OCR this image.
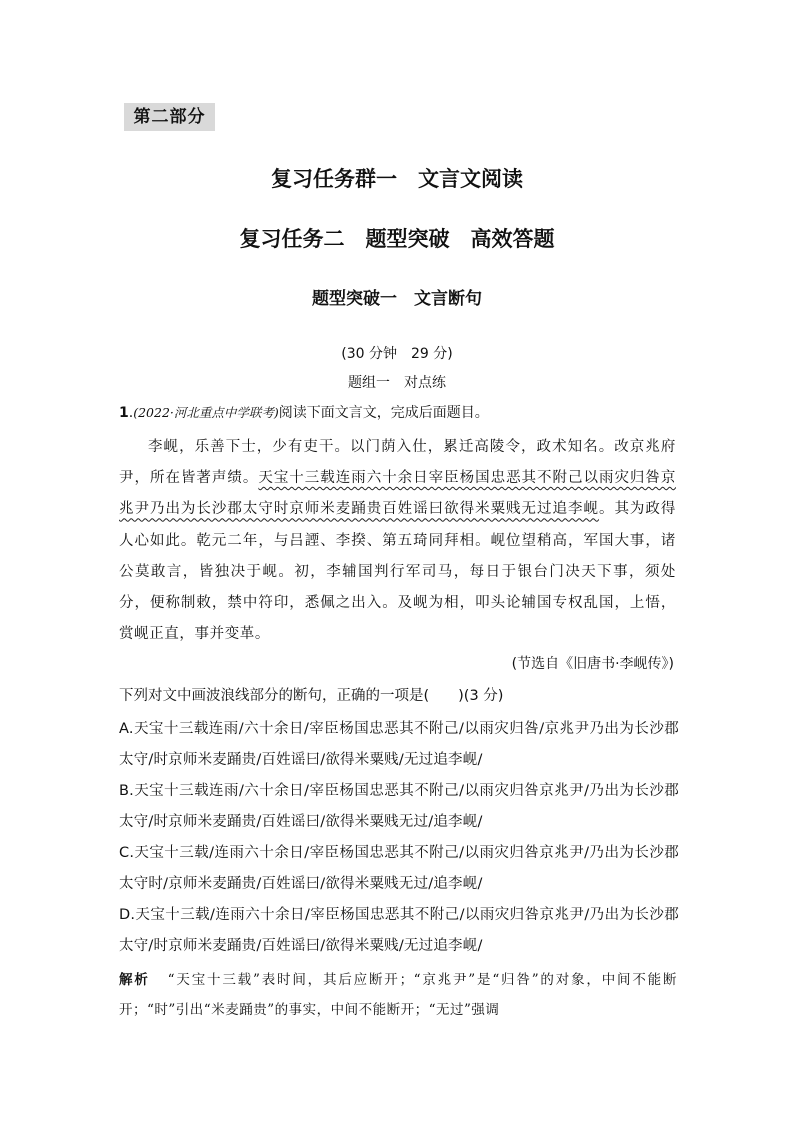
第二部分
复习任务群一　文言文阅读
复习任务二　题型突破　高效答题
题型突破一　文言断句
(30 分钟　29 分)
题组一　对点练
1.(2022·河北重点中学联考)阅读下面文言文，完成后面题目。
李岘，乐善下士，少有吏干。以门荫入仕，累迁高陵令，政术知名。改京兆府尹，所在皆著声绩。天宝十三载连雨六十余日宰臣杨国忠恶其不附己以雨灾归咎京兆尹乃出为长沙郡太守时京师米麦踊贵百姓谣曰欲得米粟贱无过追李岘。其为政得人心如此。乾元二年，与吕諲、李揆、第五琦同拜相。岘位望稍高，军国大事，诸公莫敢言，皆独决于岘。初，李辅国判行军司马，每日于银台门决天下事，须处分，便称制敕，禁中符印，悉佩之出入。及岘为相，叩头论辅国专权乱国，上悟，赏岘正直，事并变革。
(节选自《旧唐书·李岘传》)
下列对文中画波浪线部分的断句，正确的一项是(　　)(3 分)
A.天宝十三载连雨/六十余日/宰臣杨国忠恶其不附己/以雨灾归咎/京兆尹乃出为长沙郡太守/时京师米麦踊贵/百姓谣曰/欲得米粟贱/无过追李岘/
B.天宝十三载连雨/六十余日/宰臣杨国忠恶其不附己/以雨灾归咎京兆尹/乃出为长沙郡太守/时京师米麦踊贵/百姓谣曰/欲得米粟贱无过/追李岘/
C.天宝十三载/连雨六十余日/宰臣杨国忠恶其不附己/以雨灾归咎京兆尹/乃出为长沙郡太守时/京师米麦踊贵/百姓谣曰/欲得米粟贱无过/追李岘/
D.天宝十三载/连雨六十余日/宰臣杨国忠恶其不附己/以雨灾归咎京兆尹/乃出为长沙郡太守/时京师米麦踊贵/百姓谣曰/欲得米粟贱/无过追李岘/
解析 “天宝十三载”表时间，其后应断开；“京兆尹”是“归咎”的对象，中间不能断开；“时”引出“米麦踊贵”的事实，中间不能断开；“无过”强调
